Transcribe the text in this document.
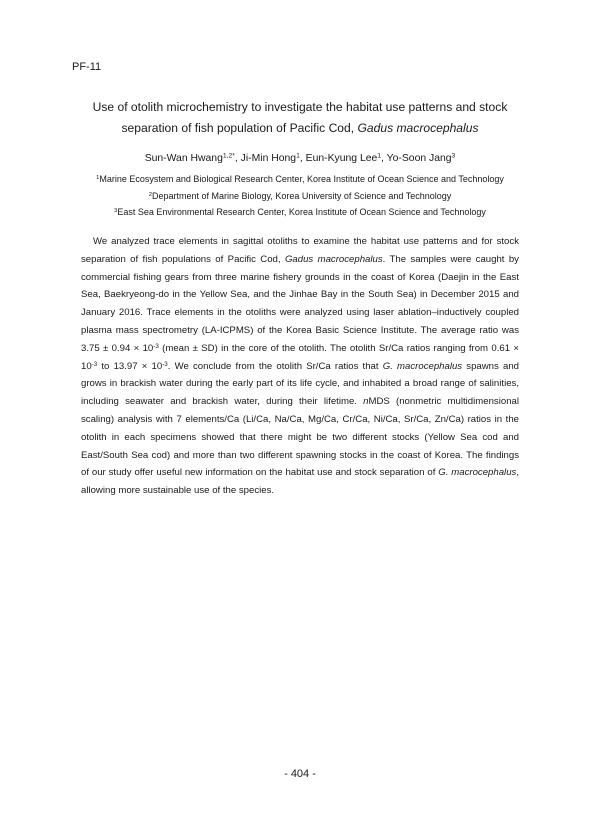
PF-11
Use of otolith microchemistry to investigate the habitat use patterns and stock separation of fish population of Pacific Cod, Gadus macrocephalus
Sun-Wan Hwang$^{1,2*}$, Ji-Min Hong$^1$, Eun-Kyung Lee$^1$, Yo-Soon Jang$^3$
$^1$Marine Ecosystem and Biological Research Center, Korea Institute of Ocean Science and Technology
$^2$Department of Marine Biology, Korea University of Science and Technology
$^3$East Sea Environmental Research Center, Korea Institute of Ocean Science and Technology

We analyzed trace elements in sagittal otoliths to examine the habitat use patterns and for stock separation of fish populations of Pacific Cod, Gadus macrocephalus. The samples were caught by commercial fishing gears from three marine fishery grounds in the coast of Korea (Daejin in the East Sea, Baekryeong-do in the Yellow Sea, and the Jinhae Bay in the South Sea) in December 2015 and January 2016. Trace elements in the otoliths were analyzed using laser ablation–inductively coupled plasma mass spectrometry (LA-ICPMS) of the Korea Basic Science Institute. The average ratio was $3.75 \pm 0.94 \times 10^{-3}$ (mean ± SD) in the core of the otolith. The otolith Sr/Ca ratios ranging from $0.61 \times 10^{-3}$ to $13.97 \times 10^{-3}$. We conclude from the otolith Sr/Ca ratios that G. macrocephalus spawns and grows in brackish water during the early part of its life cycle, and inhabited a broad range of salinities, including seawater and brackish water, during their lifetime. nMDS (nonmetric multidimensional scaling) analysis with 7 elements/Ca (Li/Ca, Na/Ca, Mg/Ca, Cr/Ca, Ni/Ca, Sr/Ca, Zn/Ca) ratios in the otolith in each specimens showed that there might be two different stocks (Yellow Sea cod and East/South Sea cod) and more than two different spawning stocks in the coast of Korea. The findings of our study offer useful new information on the habitat use and stock separation of G. macrocephalus, allowing more sustainable use of the species.

- 404 -
